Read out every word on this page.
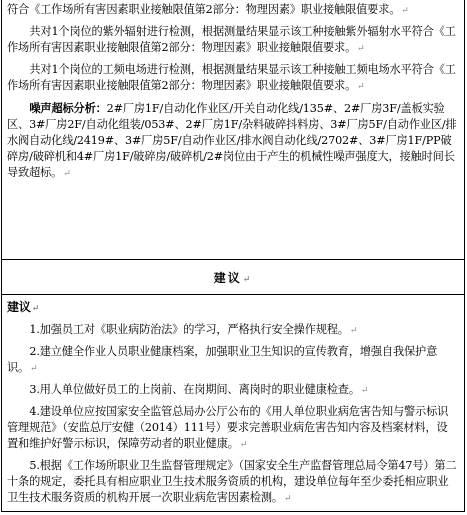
符合《工作场所有害因素职业接触限值第2部分：物理因素》职业接触限值要求。↵

共对1个岗位的紫外辐射进行检测，根据测量结果显示该工种接触紫外辐射水平符合《工作场所有害因素职业接触限值第2部分：物理因素》职业接触限值要求。↵

共对1个岗位的工频电场进行检测，根据测量结果显示该工种接触工频电场水平符合《工作场所有害因素职业接触限值第2部分：物理因素》职业接触限值要求。↵

噪声超标分析：2#厂房1F/自动化作业区/开关自动化线/135#、2#厂房3F/盖板实验区、3#厂房2F/自动化组装/053#、2#厂房1F/杂料破碎抖料房、3#厂房5F/自动作业区/排水阀自动化线/2419#、3#厂房5F/自动作业区/排水阀自动化线/2702#、3#厂房1F/PP破碎房/破碎机和4#厂房1F/破碎房/破碎机/2#岗位由于产生的机械性噪声强度大，接触时间长导致超标。↵

建议↵

建议↵

1.加强员工对《职业病防治法》的学习，严格执行安全操作规程。↵

2.建立健全作业人员职业健康档案，加强职业卫生知识的宣传教育，增强自我保护意识。↵

3.用人单位做好员工的上岗前、在岗期间、离岗时的职业健康检查。↵

4.建设单位应按国家安全监管总局办公厅公布的《用人单位职业病危害告知与警示标识管理规范》（安监总厅安健（2014）111号）要求完善职业病危害告知内容及档案材料，设置和维护好警示标识，保障劳动者的职业健康。↵

5.根据《工作场所职业卫生监督管理规定》（国家安全生产监督管理总局令第47号）第二十条的规定，委托具有相应职业卫生技术服务资质的机构，建设单位每年至少委托相应职业卫生技术服务资质的机构开展一次职业病危害因素检测。↵
